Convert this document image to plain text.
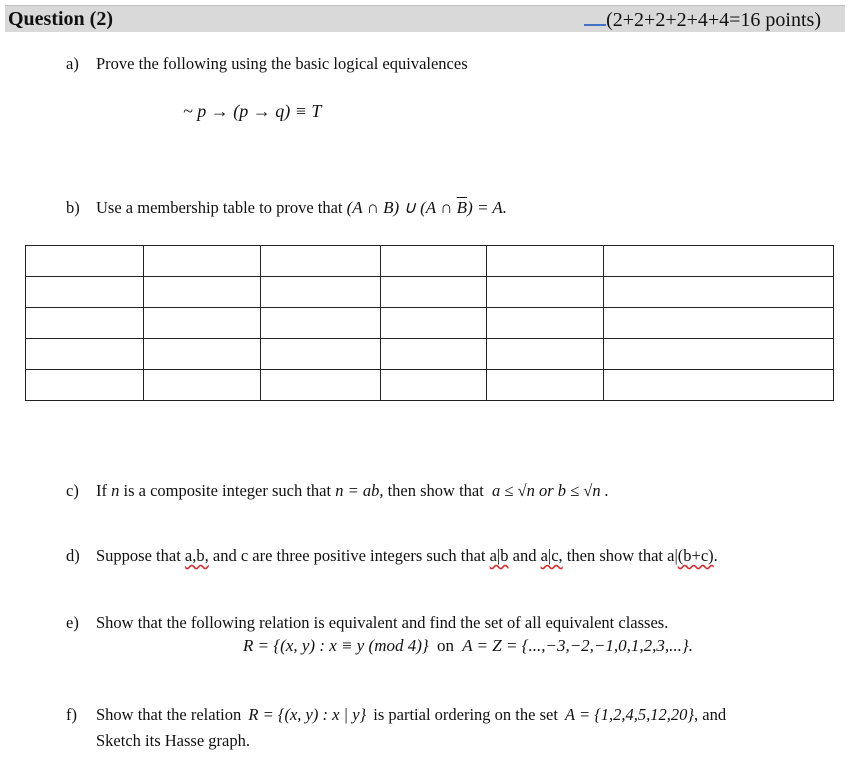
Question (2)	(2+2+2+2+4+4=16 points)
a) Prove the following using the basic logical equivalences
~ p → (p → q) ≡ T
b) Use a membership table to prove that (A ∩ B) ∪ (A ∩ $\overline{B}) = A$.

c) If n is a composite integer such that n = ab, then show that a ≤ √n or b ≤ √n .
d) Suppose that a,b, and c are three positive integers such that a|b and a|c, then show that a|(b+c).
e) Show that the following relation is equivalent and find the set of all equivalent classes.
R = {(x, y) : x ≡ y (mod 4)} on A = Z = {...,−3,−2,−1,0,1,2,3,...}.
f) Show that the relation R = {(x, y) : x | y} is partial ordering on the set A = {1,2,4,5,12,20}, and
Sketch its Hasse graph.
